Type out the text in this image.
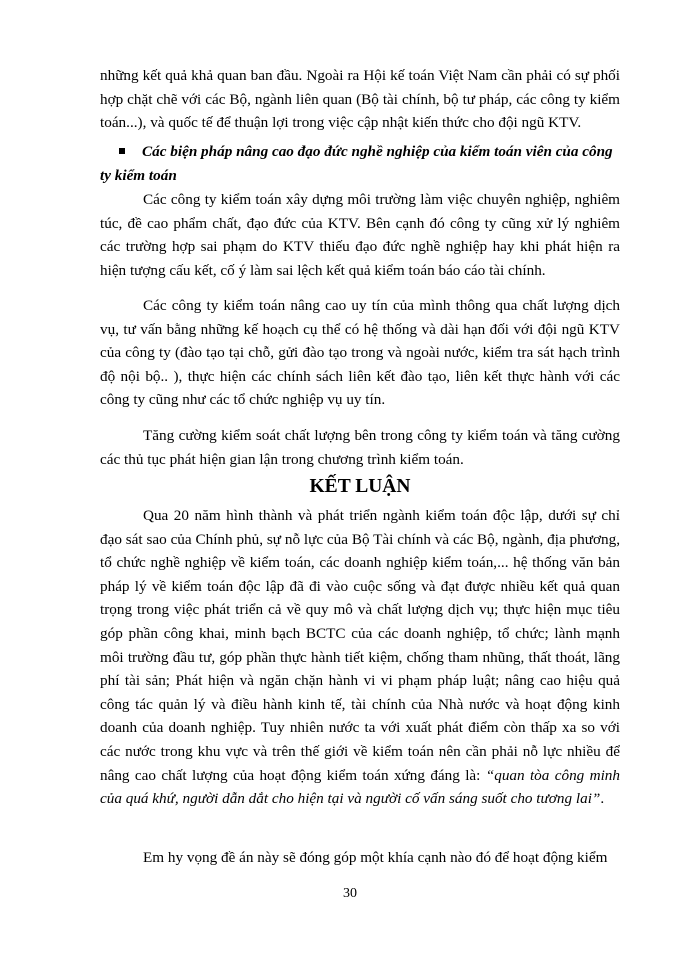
những kết quả khả quan ban đầu. Ngoài ra Hội kế toán Việt Nam cần phải có sự phối hợp chặt chẽ với các Bộ, ngành liên quan (Bộ tài chính, bộ tư pháp, các công ty kiểm toán...), và quốc tế để thuận lợi trong việc cập nhật kiến thức cho đội ngũ KTV.

Các biện pháp nâng cao đạo đức nghề nghiệp của kiểm toán viên của công ty kiểm toán

Các công ty kiểm toán xây dựng môi trường làm việc chuyên nghiệp, nghiêm túc, đề cao phẩm chất, đạo đức của KTV. Bên cạnh đó công ty cũng xử lý nghiêm các trường hợp sai phạm do KTV thiếu đạo đức nghề nghiệp hay khi phát hiện ra hiện tượng cấu kết, cố ý làm sai lệch kết quả kiểm toán báo cáo tài chính.

Các công ty kiểm toán nâng cao uy tín của mình thông qua chất lượng dịch vụ, tư vấn bằng những kế hoạch cụ thể có hệ thống và dài hạn đối với đội ngũ KTV của công ty (đào tạo tại chỗ, gửi đào tạo trong và ngoài nước, kiểm tra sát hạch trình độ nội bộ.. ), thực hiện các chính sách liên kết đào tạo, liên kết thực hành với các công ty cũng như các tổ chức nghiệp vụ uy tín.

Tăng cường kiểm soát chất lượng bên trong công ty kiểm toán và tăng cường các thủ tục phát hiện gian lận trong chương trình kiểm toán.

KẾT LUẬN

Qua 20 năm hình thành và phát triển ngành kiểm toán độc lập, dưới sự chỉ đạo sát sao của Chính phủ, sự nỗ lực của Bộ Tài chính và các Bộ, ngành, địa phương, tổ chức nghề nghiệp về kiểm toán, các doanh nghiệp kiểm toán,... hệ thống văn bản pháp lý về kiểm toán độc lập đã đi vào cuộc sống và đạt được nhiều kết quả quan trọng trong việc phát triển cả về quy mô và chất lượng dịch vụ; thực hiện mục tiêu góp phần công khai, minh bạch BCTC của các doanh nghiệp, tổ chức; lành mạnh môi trường đầu tư, góp phần thực hành tiết kiệm, chống tham nhũng, thất thoát, lãng phí tài sản; Phát hiện và ngăn chặn hành vi vi phạm pháp luật; nâng cao hiệu quả công tác quản lý và điều hành kinh tế, tài chính của Nhà nước và hoạt động kinh doanh của doanh nghiệp. Tuy nhiên nước ta với xuất phát điểm còn thấp xa so với các nước trong khu vực và trên thế giới về kiểm toán nên cần phải nỗ lực nhiều để nâng cao chất lượng của hoạt động kiểm toán xứng đáng là: “quan tòa công minh của quá khứ, người dẫn dắt cho hiện tại và người cố vấn sáng suốt cho tương lai”.

Em hy vọng đề án này sẽ đóng góp một khía cạnh nào đó để hoạt động kiểm

30
